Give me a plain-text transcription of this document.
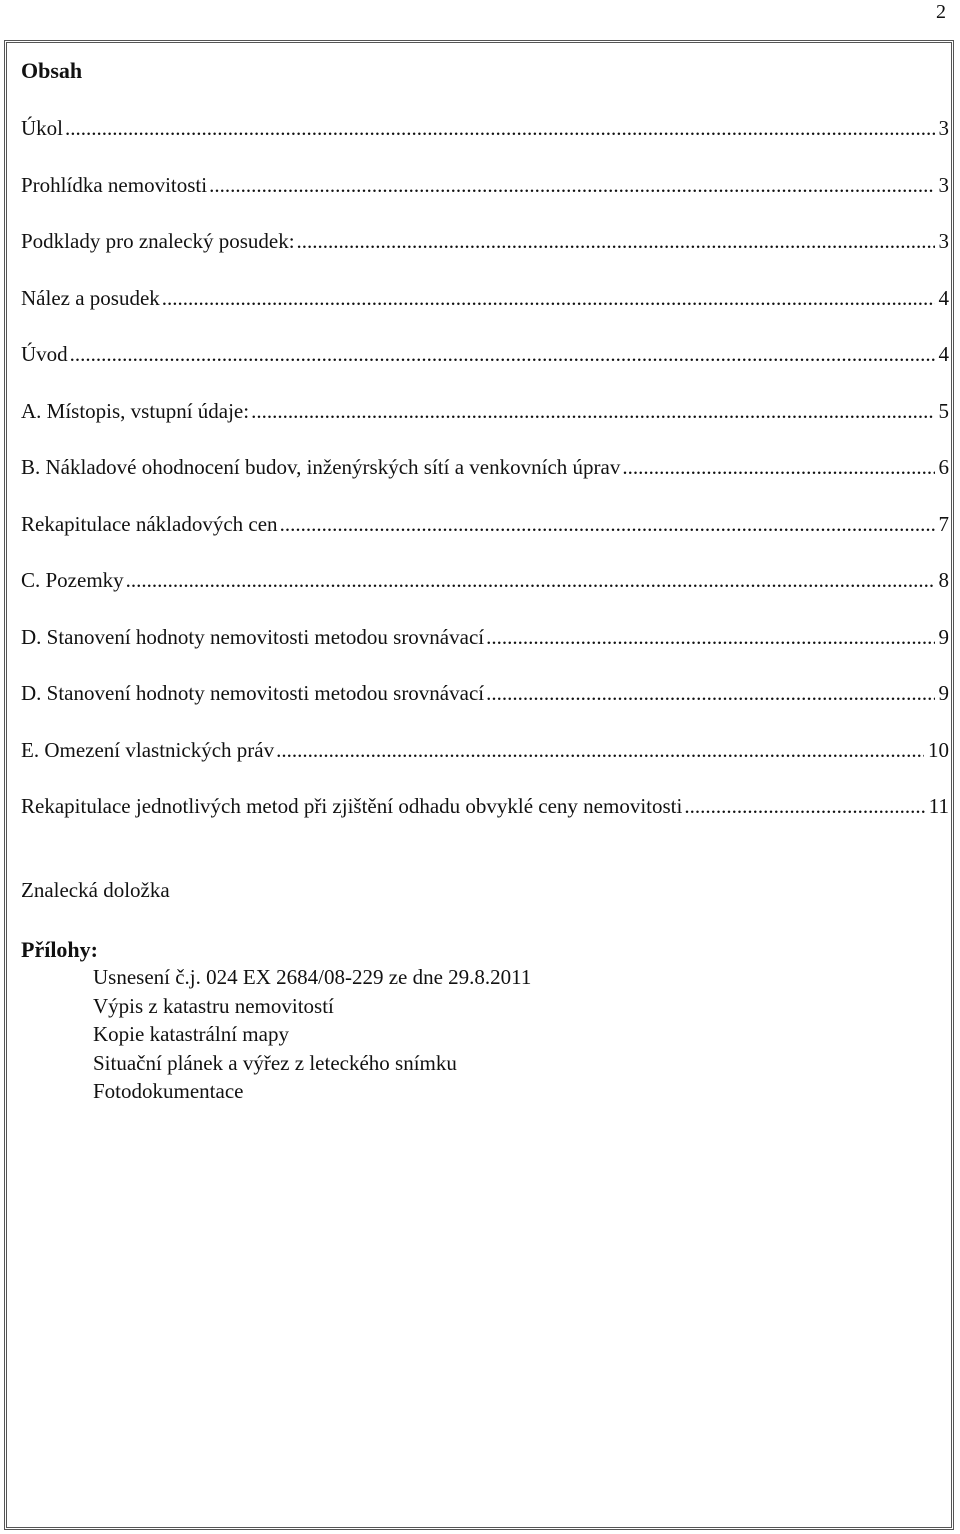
2
Obsah
Úkol .....	3
Prohlídka nemovitosti .....	3
Podklady pro znalecký posudek: .....	3
Nález a posudek .....	4
Úvod .....	4
A. Místopis, vstupní údaje: .....	5
B. Nákladové ohodnocení budov, inženýrských sítí a venkovních úprav .....	6
Rekapitulace nákladových cen .....	7
C. Pozemky .....	8
D. Stanovení hodnoty nemovitosti metodou srovnávací .....	9
D. Stanovení hodnoty nemovitosti metodou srovnávací .....	9
E. Omezení vlastnických práv .....	10
Rekapitulace jednotlivých metod při zjištění odhadu obvyklé ceny nemovitosti .....	11
Znalecká doložka
Přílohy:
Usnesení č.j. 024 EX 2684/08-229 ze dne 29.8.2011
Výpis z katastru nemovitostí
Kopie katastrální mapy
Situační plánek a výřez z leteckého snímku
Fotodokumentace
